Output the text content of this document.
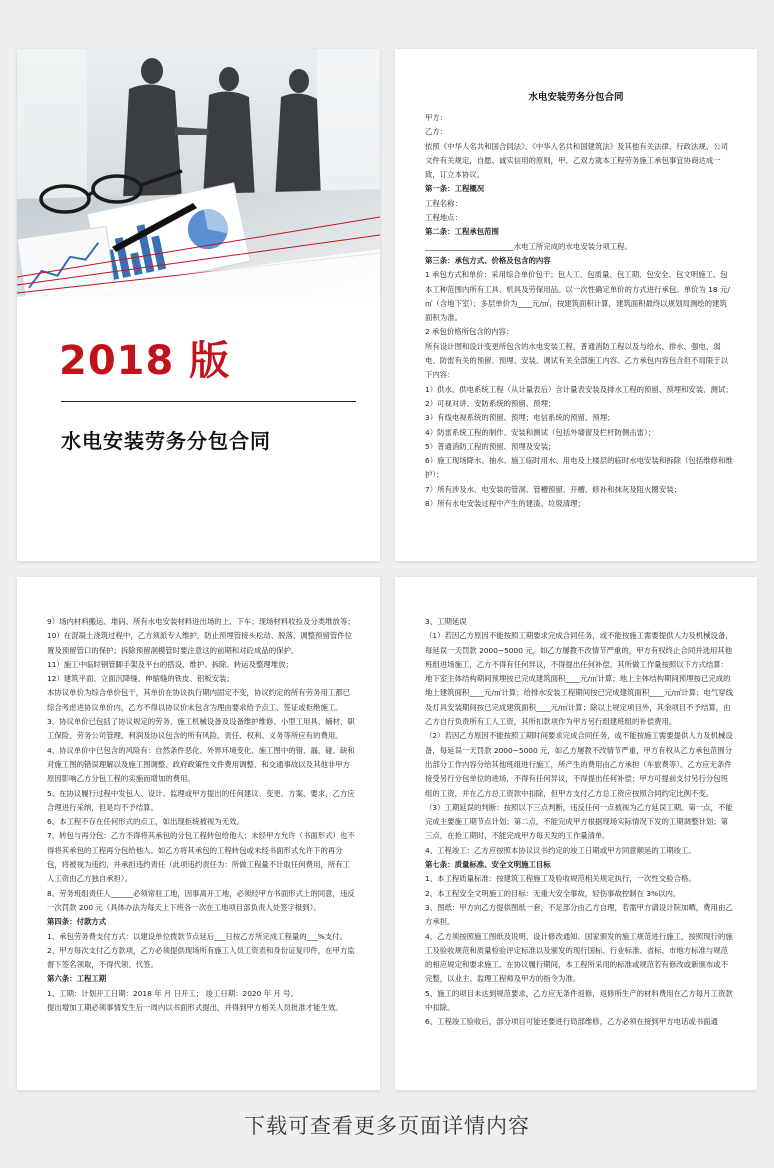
2018 版
水电安装劳务分包合同
水电安装劳务分包合同

甲方：

乙方：

依照《中华人名共和国合同法》、《中华人名共和国建筑法》及其他有关法律、行政法规、公司文件有关规定，自愿、诚实信用的原则，甲、乙双方就本工程劳务施工承包事宜协商达成一致，订立本协议。

第一条：工程概况

工程名称：

工程地点：

第二条：工程承包范围

________________________水电工所完成的水电安装分项工程。

第三条：承包方式、价格及包含的内容

1 承包方式和单价：采用综合单价包干；包人工、包质量、包工期、包安全、包文明施工、包本工种范围内所有工具、机具及劳保用品。以一次性确定单价的方式进行承包。单价为 18 元/㎡（含地下室）；多层单价为____元/㎡，按建筑面积计算，建筑面积最终以规划局测绘的建筑面积为准。

2 承包价格所包含的内容：

所有设计图和设计变更所包含的水电安装工程，普通消防工程以及与给水、排水、强电、弱电、防雷有关的预留、预埋、安装、调试有关全部施工内容。乙方承包内容包含但不局限于以下内容：

1）供水、供电系统工程（从计量表后）含计量表安装及排水工程的预留、预埋和安装、测试；

2）可视对讲、安防系统的预留、预埋；

3）有线电视系统的预留、预埋；电信系统的预留、预埋；

4）防雷系统工程的制作、安装和测试（包括外墙窗及栏杆防侧击雷）；

5）普通消防工程的预留、预埋及安装；

6）施工现场降水、抽水、施工临时用水、用电及上楼层的临时水电安装和拆除（包括维修和维护）；

7）所有涉及水、电安装的管洞、管槽预留、开槽、修补和抹灰及阻火圈安装；

8）所有水电安装过程中产生的建渣、垃圾清理；

9）场内材料搬运、堆码、所有水电安装材料进出场的上、下车；现场材料收捡及分类堆放等；

10）在混凝土浇筑过程中，乙方须派专人维护，防止预埋管接头松动、脱落、调整预留管件位置及预留管口的保护；拆除预留洞模管时要注意这的前期和对砼成品的保护。

11）施工中临时钢管脚手架及平台的搭设、维护、拆除、转运及整理堆放；

12）建筑平面、立面沉降缝、伸缩缝的铁皮、铝板安装；

本协议单价为综合单价包干，其单价在协议执行期内固定不变，协议约定的所有劳务用工都已综合考虑进协议单价内，乙方不得以协议价未包含为理由要求给予点工、签证或拒绝施工。

3、协议单价已包括了协议规定的劳务、施工机械设备及设备维护维修、小型工用具、辅材、职工保险、劳务公司管理、利润及协议包含的所有风险、责任、权利、义务等所应有的费用。

4、协议单价中已包含的风险有：自然条件恶化、外界环境变化、施工图中的错、漏、碰、缺和对施工图的错误理解以及施工图调整、政府政策性文件费用调整、和交通事故以及其他非甲方原因影响乙方分包工程的实施而增加的费用。

5、在协议履行过程中发包人、设计、监理或甲方提出的任何建议、变更、方案、要求，乙方应合理进行采纳，但是均不予结算。

6、本工程不存在任何形式的点工，如出现拒统被视为无效。

7、转包与再分包：乙方不得将其承包的分包工程转包给他人；未经甲方允许（书面形式）也不得将其承包的工程再分包给他人。如乙方将其承包的工程转包或未经书面形式允许下的再分包，将被视为违约，并承担违约责任（此项违约责任为：所做工程量不计取任何费用，所有工人工资由乙方独自承担）。

8、劳务班组责任人______必须常驻工地，因事离开工地，必须经甲方书面形式上的同意，违反一次罚款 200 元（具体办法为每天上下班各一次在工地项目部负责人处签字报到）。

第四条：付款方式

1、承包劳务费支付方式：以建设单位拨款节点延后___日按乙方所完成工程量的___%支付。

2、甲方每次支付乙方款项，乙方必须提供现场所有施工人员工资表和身份证复印件，在甲方监督下签名领取，不得代领、代签。

第六条：工程工期

1、工期：计划开工日期：2018 年 月 日开工； 竣工日期：2020 年 月 号。

提出增加工期必须事情发生后一周内以书面形式提出，并得到甲方相关人员批准才能生效。

3、工期延误

（1）若因乙方原因不能按照工期要求完成合同任务，或不能按施工需要提供人力及机械设备，每延误一天罚款 2000~5000 元，如乙方屡教不改情节严重的，甲方有权终止合同并选用其他班组进场施工，乙方不得有任何异议，不得提出任何补偿。其所做工作量按照以下方式结算：地下室主体结构期间预埋按已完成建筑面积____元/㎡计算；地上主体结构期间预埋按已完成的地上建筑面积____元/㎡计算；给排水安装工程期间按已完成建筑面积____元/㎡计算；电气穿线及灯具安装期间按已完成建筑面积____元/㎡计算；除以上规定项目外，其余项目不予结算，由乙方自行负责所有工人工资，其所扣款项作为甲方另行组建班组的补偿费用。

（2）若因乙方原因不能按照工期时间要求完成合同任务，或不能按施工需要提供人力及机械设备，每延误一天罚款 2000~5000 元，如乙方屡教不改情节严重，甲方有权从乙方承包范围分出部分工作内容分给其他班组进行施工，所产生的费用由乙方承担（车旅费等）。乙方应无条件接受另行分包单位的进场，不得有任何异议，不得提出任何补偿；甲方可提前支付另行分包班组的工资，并在乙方总工资款中扣除，但甲方支付乙方总工资应按照合同约定比例不变。

（3）工期延误的判断：按照以下三点判断，违反任何一点被视为乙方延误工期。第一点，不能完成主要施工期节点计划；第二点，不能完成甲方根据现场实际情况下发的工期调整计划；第三点，在抢工期时，不能完成甲方每天发的工作量清单。

4、工程竣工：乙方应按照本协议议书约定的竣工日期或甲方同意顺延的工期竣工。

第七条：质量标准、安全文明施工目标

1、本工程质量标准：按建筑工程施工及验收规范相关规定执行，一次性交验合格。

2、本工程安全文明施工的目标：无重大安全事故，轻伤事故控制在 3%以内。

3、图纸：甲方向乙方提供图纸一套，不足部分由乙方自理，若需甲方请设计院加晒，费用由乙方承担。

4、乙方须按照施工图纸及说明、设计修改通知、国家颁发的施工规范进行施工，按照现行的施工及验收规范和质量检验评定标准以及颁发的现行国标、行业标准、省标、市地方标准与规范的相应规定和要求施工。在协议履行期间，本工程所采用的标准或规范若有修改或新颁布或不完整，以业主、监理工程师及甲方的指令为准。

5、施工的项目未达到规范要求，乙方应无条件返修，返修所生产的材料费用在乙方每月工资款中扣除。

6、工程竣工验收后，部分项目可能还要进行局部维修，乙方必须在接到甲方电话或书面通

下载可查看更多页面详情内容
